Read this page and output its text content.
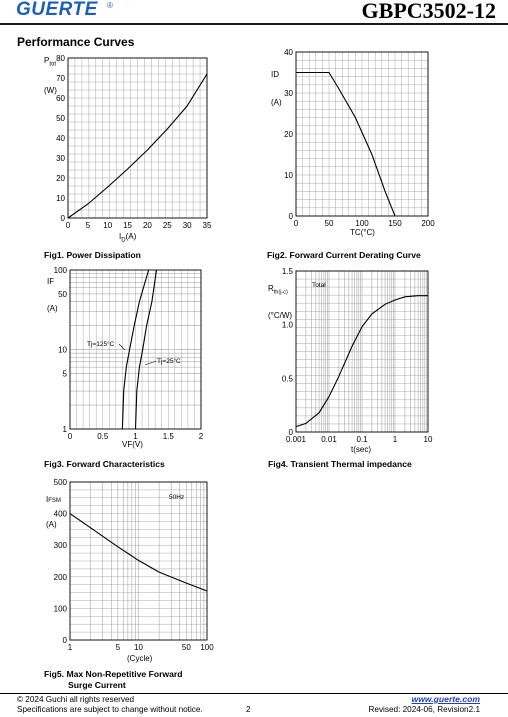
GUERTE ®	GBPC3502-12
Performance Curves
0 5 10 15 20 25 30 35
0
10
20
30
40
50
60
70
80
0	50	100 150 200
0
10
20
30
40
0	0.5	1	1.5	2
1
5
10
50
100
0.001 0.01 0.1	1	10
0
0.5
1.0
1.5
1	5 10	50 100
0
100
200
300
400
500
Tj=125°C
Tj=25°C
Total
50Hz
$P_{tot}$
(W)
$I_D(A)$
Fig1. Power Dissipation
ID
(A)
TC(°C)
Fig2. Forward Current Derating Curve
IF
(A)
VF(V)
Fig3. Forward Characteristics
$R_{th(j-c)}$
(°C/W)
t(sec)
Fig4. Transient Thermal impedance
IFSM
(A)
(Cycle)
Fig5. Max Non-Repetitive Forward
Surge Current
© 2024 Guchi all rights reserved
Specifications are subject to change without notice.	2
www.guerte.com
Revised: 2024-06, Revision2.1
